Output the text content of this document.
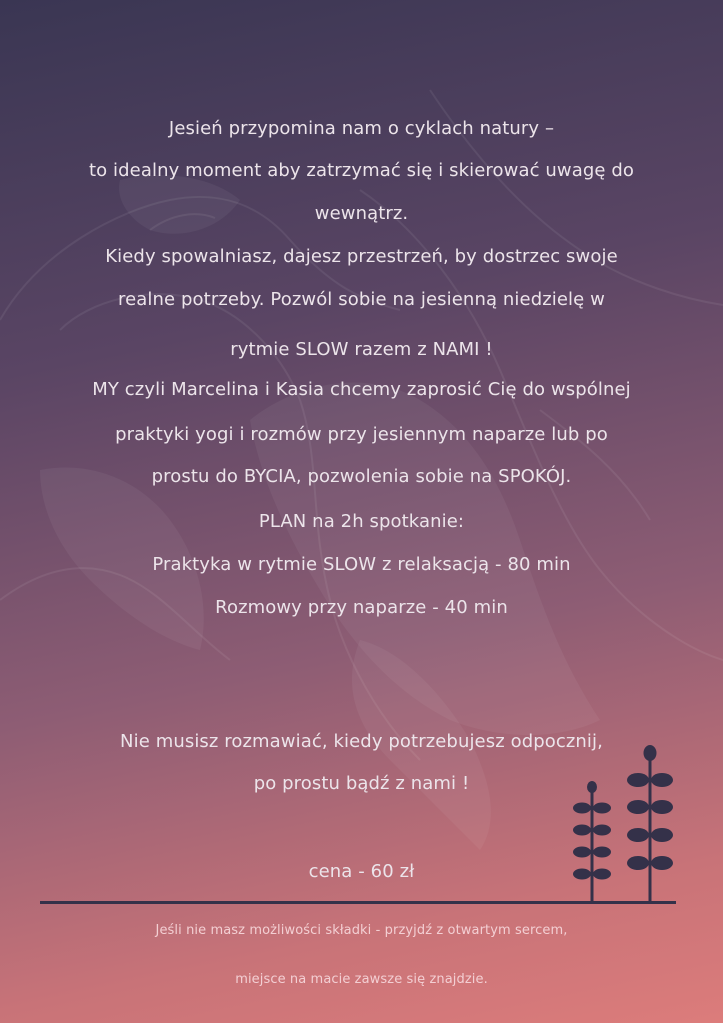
Jesień przypomina nam o cyklach natury –
to idealny moment aby zatrzymać się i skierować uwagę do
wewnątrz.
Kiedy spowalniasz, dajesz przestrzeń, by dostrzec swoje
realne potrzeby. Pozwól sobie na jesienną niedzielę w
rytmie SLOW razem z NAMI !
MY czyli Marcelina i Kasia chcemy zaprosić Cię do wspólnej
praktyki yogi i rozmów przy jesiennym naparze lub po
prostu do BYCIA, pozwolenia sobie na SPOKÓJ.
PLAN na 2h spotkanie:
Praktyka w rytmie SLOW z relaksacją - 80 min
Rozmowy przy naparze - 40 min
Nie musisz rozmawiać, kiedy potrzebujesz odpocznij,
po prostu bądź z nami !
cena - 60 zł
Jeśli nie masz możliwości składki - przyjdź z otwartym sercem,
miejsce na macie zawsze się znajdzie.
